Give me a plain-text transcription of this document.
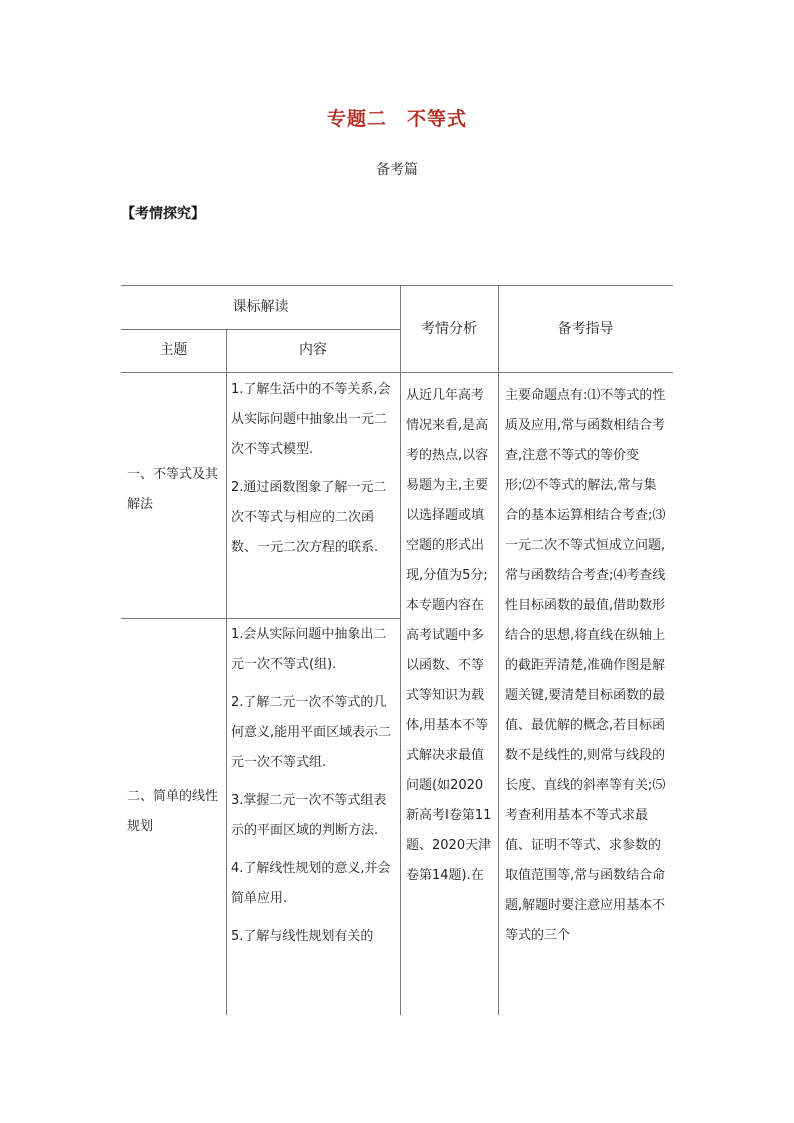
专题二　不等式
备考篇
【考情探究】
课标解读
主题	内容
考情分析	备考指导
一、不等式及其解法

1.了解生活中的不等关系,会从实际问题中抽象出一元二次不等式模型.

2.通过函数图象了解一元二次不等式与相应的二次函数、一元二次方程的联系.

二、简单的线性规划

1.会从实际问题中抽象出二元一次不等式(组).

2.了解二元一次不等式的几何意义,能用平面区域表示二元一次不等式组.

3.掌握二元一次不等式组表示的平面区域的判断方法.

4.了解线性规划的意义,并会简单应用.

5.了解与线性规划有关的

从近几年高考情况来看,是高考的热点,以容易题为主,主要以选择题或填空题的形式出现,分值为5分;本专题内容在高考试题中多以函数、不等式等知识为载体,用基本不等式解决求最值问题(如2020新高考Ⅰ卷第11题、2020天津卷第14题).在

主要命题点有:⑴不等式的性质及应用,常与函数相结合考查,注意不等式的等价变形;⑵不等式的解法,常与集合的基本运算相结合考查;⑶一元二次不等式恒成立问题,常与函数结合考查;⑷考查线性目标函数的最值,借助数形结合的思想,将直线在纵轴上的截距弄清楚,准确作图是解题关键,要清楚目标函数的最值、最优解的概念,若目标函数不是线性的,则常与线段的长度、直线的斜率等有关;⑸考查利用基本不等式求最值、证明不等式、求参数的取值范围等,常与函数结合命题,解题时要注意应用基本不等式的三个
